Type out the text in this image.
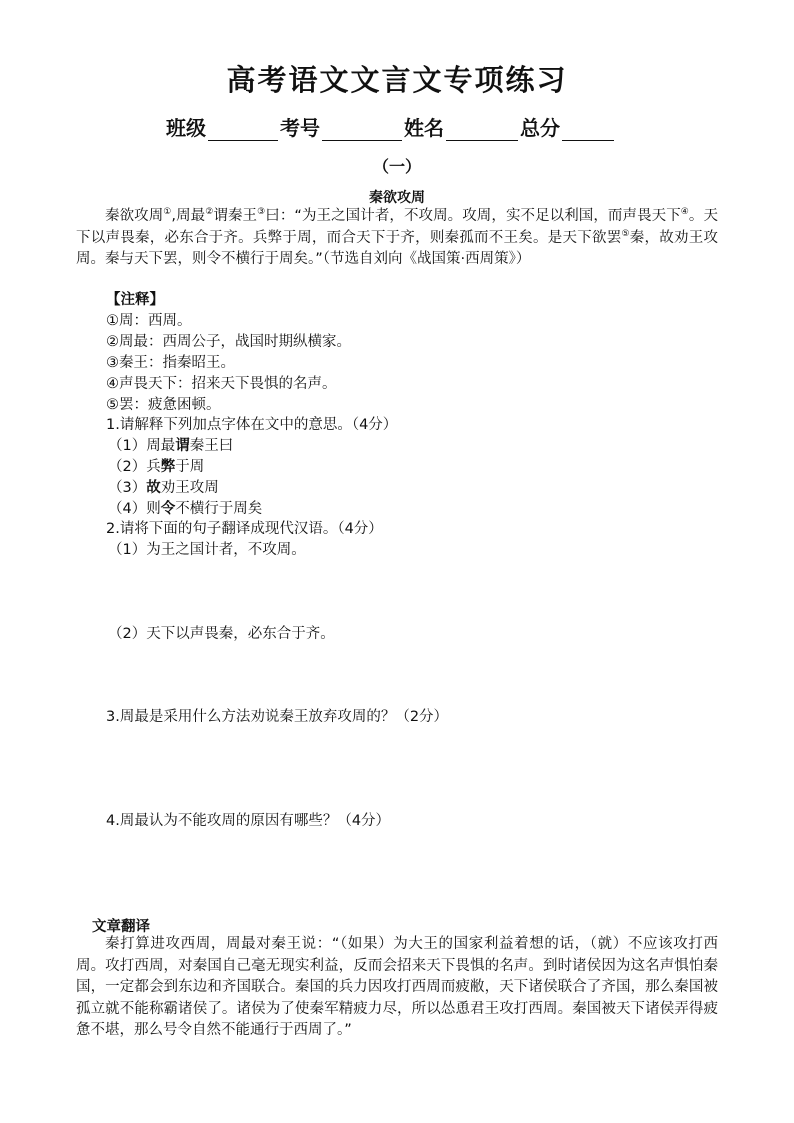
高考语文文言文专项练习
班级	考号	姓名	总分
（一）
秦欲攻周

秦欲攻周①,周最②谓秦王③曰：“为王之国计者，不攻周。攻周，实不足以利国，而声畏天下④。天下以声畏秦，必东合于齐。兵弊于周，而合天下于齐，则秦孤而不王矣。是天下欲罢⑤秦，故劝王攻周。秦与天下罢，则令不横行于周矣。”（节选自刘向《战国策·西周策》）

【注释】
①周：西周。
②周最：西周公子，战国时期纵横家。
③秦王：指秦昭王。
④声畏天下：招来天下畏惧的名声。
⑤罢：疲惫困顿。
1.请解释下列加点字体在文中的意思。（4分）
（1）周最谓秦王曰
（2）兵弊于周
（3）故劝王攻周
（4）则令不横行于周矣
2.请将下面的句子翻译成现代汉语。（4分）
（1）为王之国计者，不攻周。
（2）天下以声畏秦，必东合于齐。
3.周最是采用什么方法劝说秦王放弃攻周的？（2分）
4.周最认为不能攻周的原因有哪些？（4分）
文章翻译

秦打算进攻西周，周最对秦王说：“（如果）为大王的国家利益着想的话，（就）不应该攻打西周。攻打西周，对秦国自己毫无现实利益，反而会招来天下畏惧的名声。到时诸侯因为这名声惧怕秦国，一定都会到东边和齐国联合。秦国的兵力因攻打西周而疲敝，天下诸侯联合了齐国，那么秦国被孤立就不能称霸诸侯了。诸侯为了使秦军精疲力尽，所以怂恿君王攻打西周。秦国被天下诸侯弄得疲惫不堪，那么号令自然不能通行于西周了。”
